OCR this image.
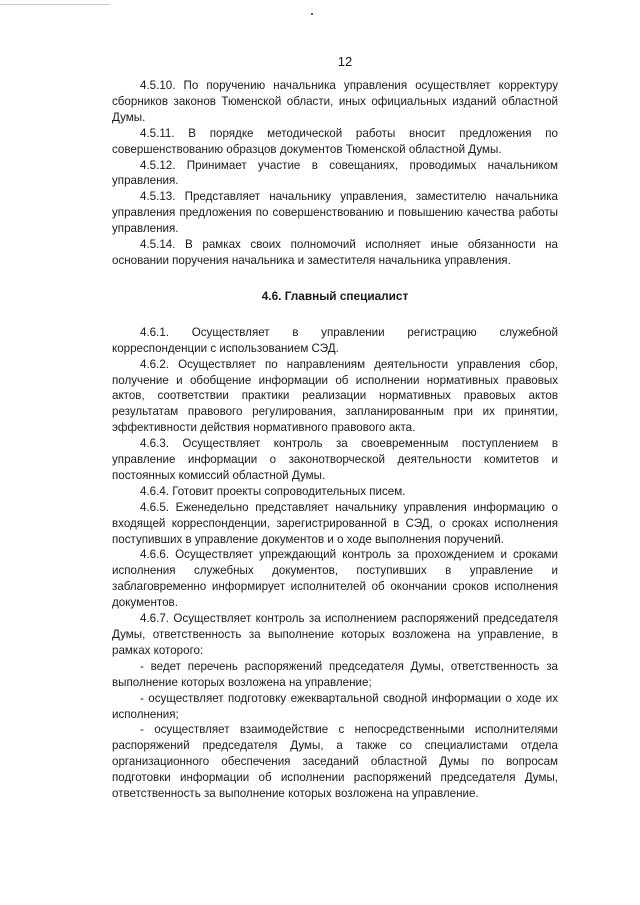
12

4.5.10. По поручению начальника управления осуществляет корректуру сборников законов Тюменской области, иных официальных изданий областной Думы.

4.5.11. В порядке методической работы вносит предложения по совершенствованию образцов документов Тюменской областной Думы.

4.5.12. Принимает участие в совещаниях, проводимых начальником управления.

4.5.13. Представляет начальнику управления, заместителю начальника управления предложения по совершенствованию и повышению качества работы управления.

4.5.14. В рамках своих полномочий исполняет иные обязанности на основании поручения начальника и заместителя начальника управления.

4.6. Главный специалист

4.6.1. Осуществляет в управлении регистрацию служебной корреспонденции с использованием СЭД.

4.6.2. Осуществляет по направлениям деятельности управления сбор, получение и обобщение информации об исполнении нормативных правовых актов, соответствии практики реализации нормативных правовых актов результатам правового регулирования, запланированным при их принятии, эффективности действия нормативного правового акта.

4.6.3. Осуществляет контроль за своевременным поступлением в управление информации о законотворческой деятельности комитетов и постоянных комиссий областной Думы.

4.6.4. Готовит проекты сопроводительных писем.

4.6.5. Еженедельно представляет начальнику управления информацию о входящей корреспонденции, зарегистрированной в СЭД, о сроках исполнения поступивших в управление документов и о ходе выполнения поручений.

4.6.6. Осуществляет упреждающий контроль за прохождением и сроками исполнения служебных документов, поступивших в управление и заблаговременно информирует исполнителей об окончании сроков исполнения документов.

4.6.7. Осуществляет контроль за исполнением распоряжений председателя Думы, ответственность за выполнение которых возложена на управление, в рамках которого:

- ведет перечень распоряжений председателя Думы, ответственность за выполнение которых возложена на управление;

- осуществляет подготовку ежеквартальной сводной информации о ходе их исполнения;

- осуществляет взаимодействие с непосредственными исполнителями распоряжений председателя Думы, а также со специалистами отдела организационного обеспечения заседаний областной Думы по вопросам подготовки информации об исполнении распоряжений председателя Думы, ответственность за выполнение которых возложена на управление.
